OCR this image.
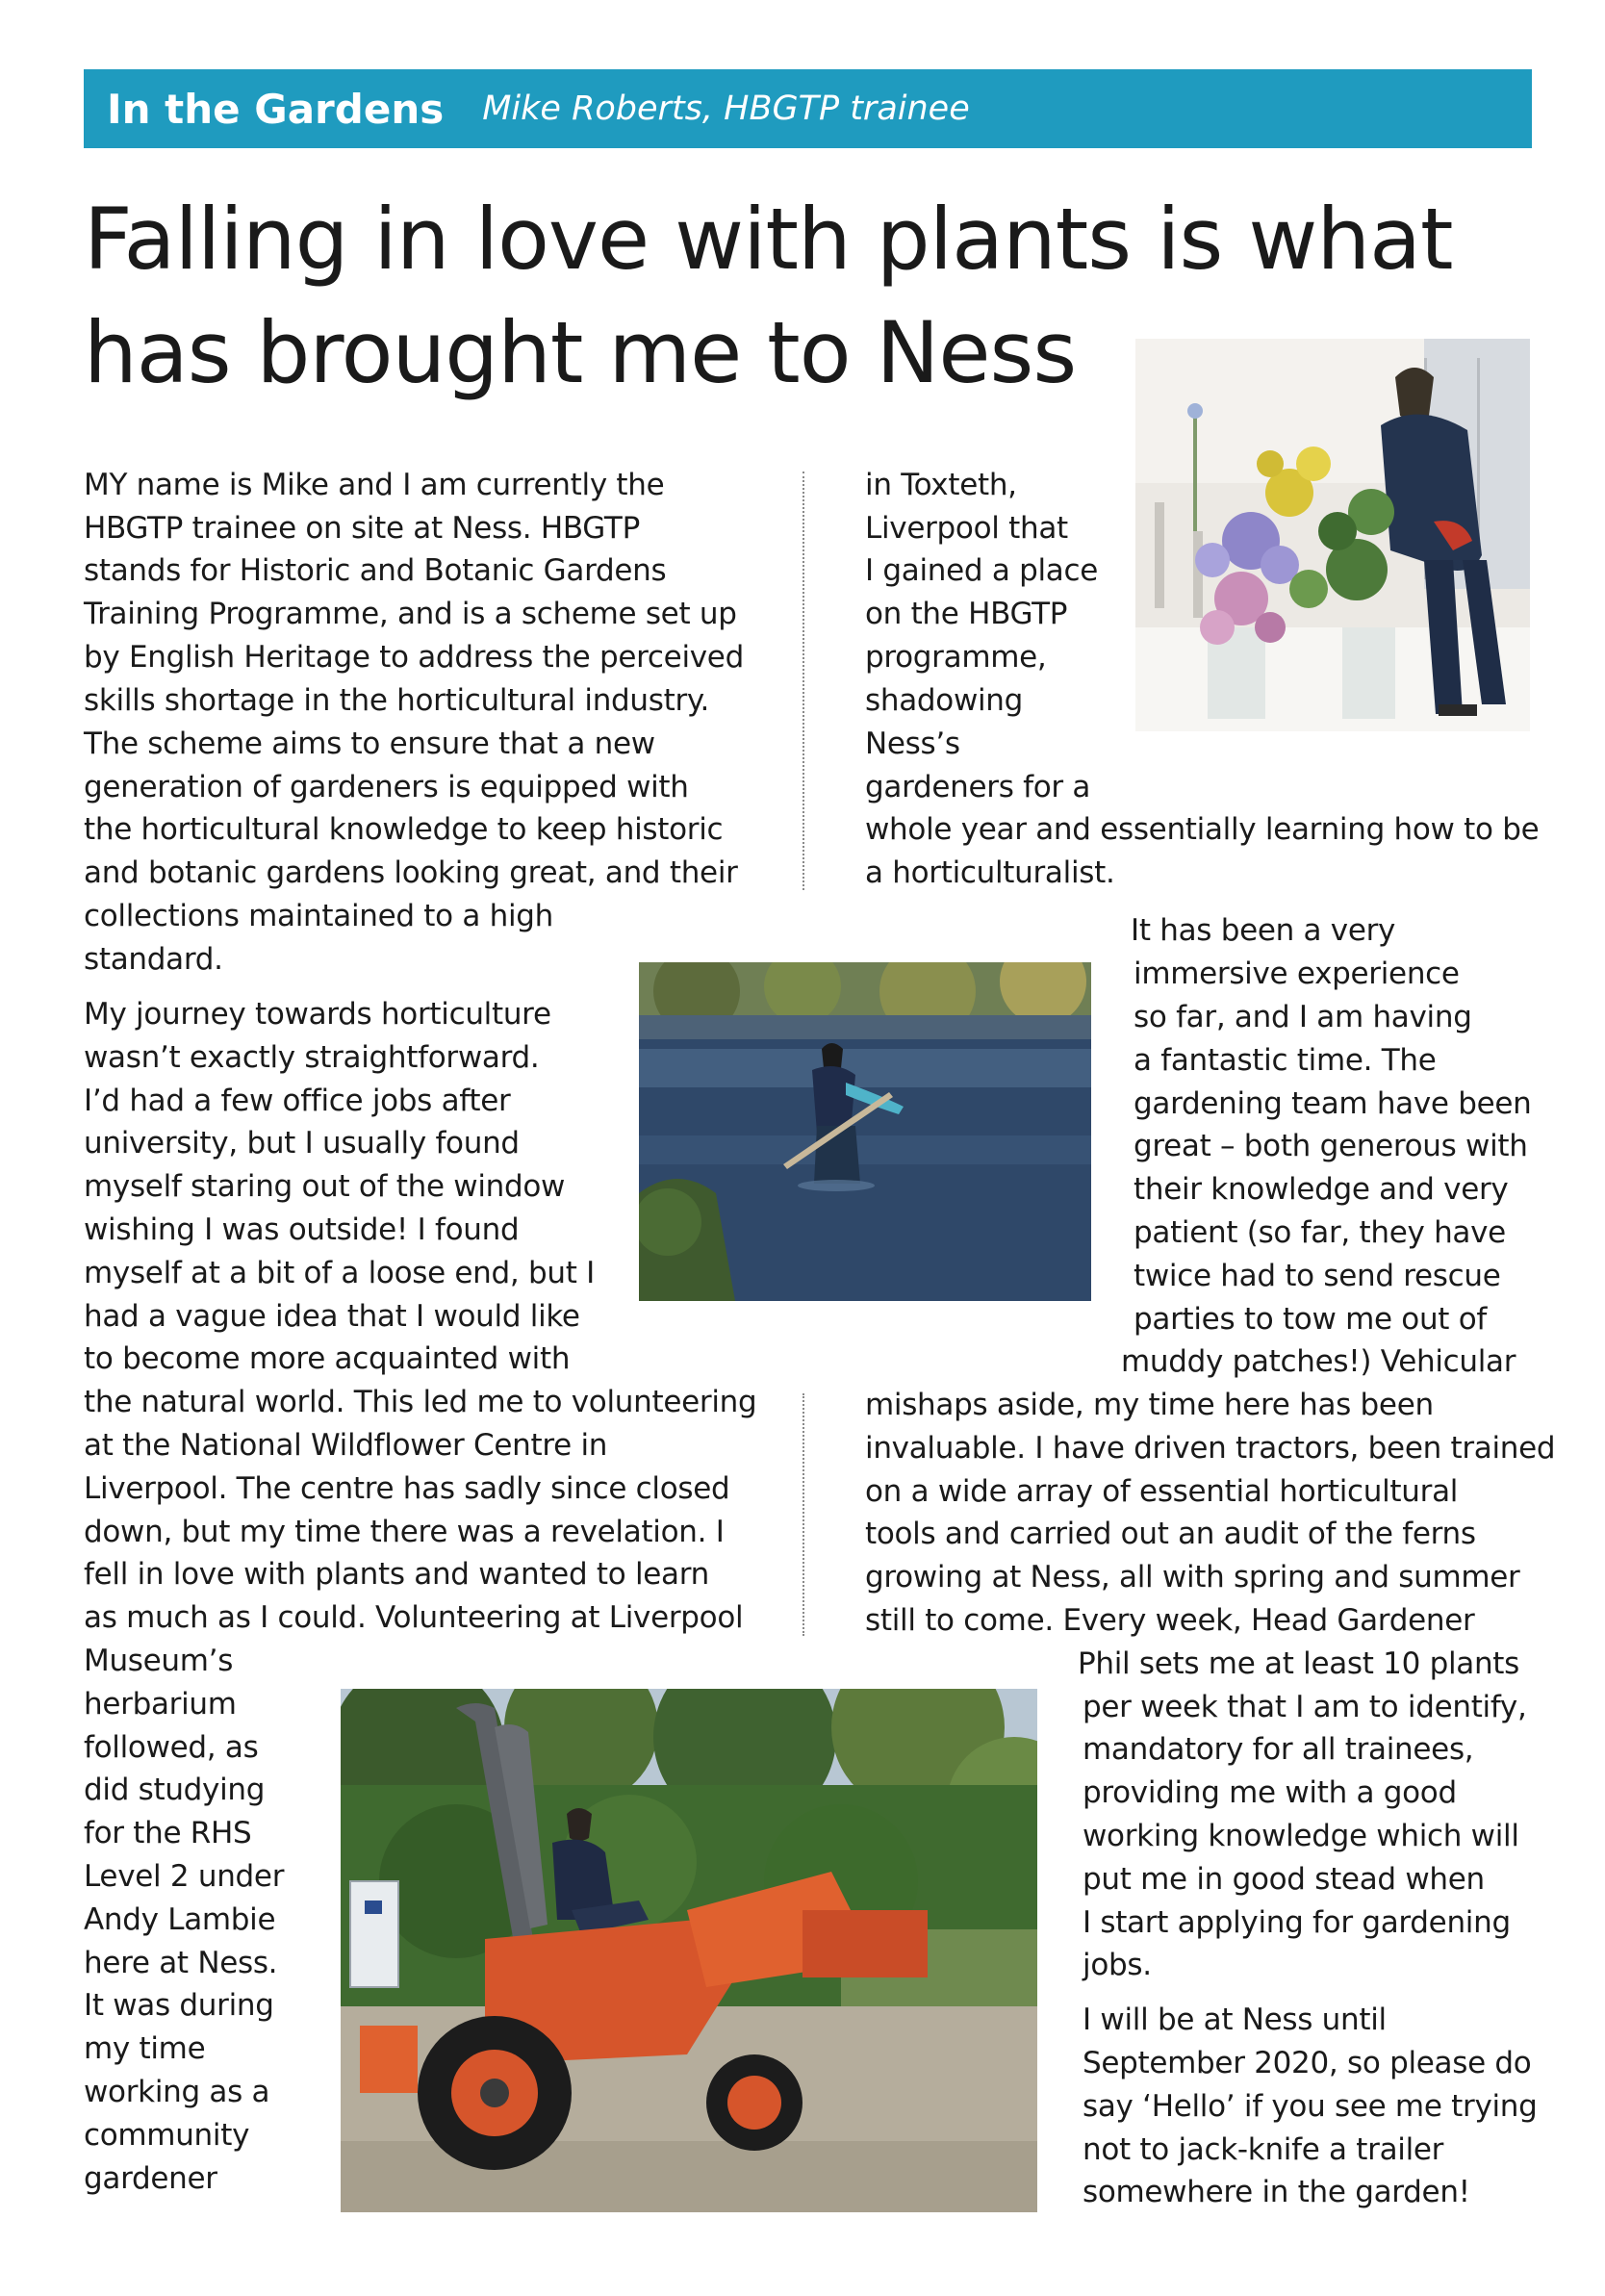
In the Gardens Mike Roberts, HBGTP trainee
Falling in love with plants is what has brought me to Ness
MY name is Mike and I am currently the
HBGTP trainee on site at Ness. HBGTP
stands for Historic and Botanic Gardens
Training Programme, and is a scheme set up
by English Heritage to address the perceived
skills shortage in the horticultural industry.
The scheme aims to ensure that a new
generation of gardeners is equipped with
the horticultural knowledge to keep historic
and botanic gardens looking great, and their
collections maintained to a high
standard.
My journey towards horticulture
wasn’t exactly straightforward.
I’d had a few office jobs after
university, but I usually found
myself staring out of the window
wishing I was outside! I found
myself at a bit of a loose end, but I
had a vague idea that I would like
to become more acquainted with
the natural world. This led me to volunteering
at the National Wildflower Centre in
Liverpool. The centre has sadly since closed
down, but my time there was a revelation. I
fell in love with plants and wanted to learn
as much as I could. Volunteering at Liverpool
Museum’s
herbarium
followed, as
did studying
for the RHS
Level 2 under
Andy Lambie
here at Ness.
It was during
my time
working as a
community
gardener
in Toxteth,
Liverpool that
I gained a place
on the HBGTP
programme,
shadowing
Ness’s
gardeners for a
whole year and essentially learning how to be
a horticulturalist.
It has been a very
immersive experience
so far, and I am having
a fantastic time. The
gardening team have been
great – both generous with
their knowledge and very
patient (so far, they have
twice had to send rescue
parties to tow me out of
muddy patches!) Vehicular
mishaps aside, my time here has been
invaluable. I have driven tractors, been trained
on a wide array of essential horticultural
tools and carried out an audit of the ferns
growing at Ness, all with spring and summer
still to come. Every week, Head Gardener
Phil sets me at least 10 plants
per week that I am to identify,
mandatory for all trainees,
providing me with a good
working knowledge which will
put me in good stead when
I start applying for gardening
jobs.
I will be at Ness until
September 2020, so please do
say ‘Hello’ if you see me trying
not to jack-knife a trailer
somewhere in the garden!
